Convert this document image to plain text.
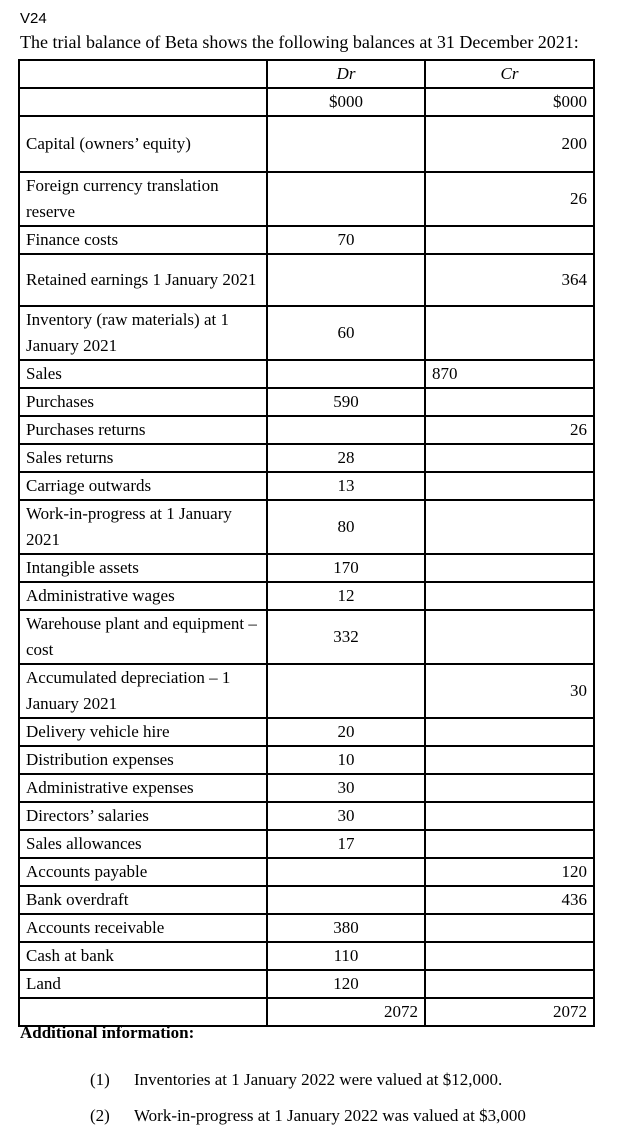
V24
The trial balance of Beta shows the following balances at 31 December 2021:
	Dr	Cr
	$000	$000
Capital (owners’ equity)		200
Foreign currency translation reserve		26
Finance costs	70	
Retained earnings 1 January 2021		364
Inventory (raw materials) at 1 January 2021	60	
Sales		870
Purchases	590	
Purchases returns		26
Sales returns	28	
Carriage outwards	13	
Work-in-progress at 1 January 2021	80	
Intangible assets	170	
Administrative wages	12	
Warehouse plant and equipment – cost	332	
Accumulated depreciation – 1 January 2021		30
Delivery vehicle hire	20	
Distribution expenses	10	
Administrative expenses	30	
Directors’ salaries	30	
Sales allowances	17	
Accounts payable		120
Bank overdraft		436
Accounts receivable	380	
Cash at bank	110	
Land	120	
	2072	2072
Additional information:
(1) Inventories at 1 January 2022 were valued at $12,000.
(2) Work-in-progress at 1 January 2022 was valued at $3,000
